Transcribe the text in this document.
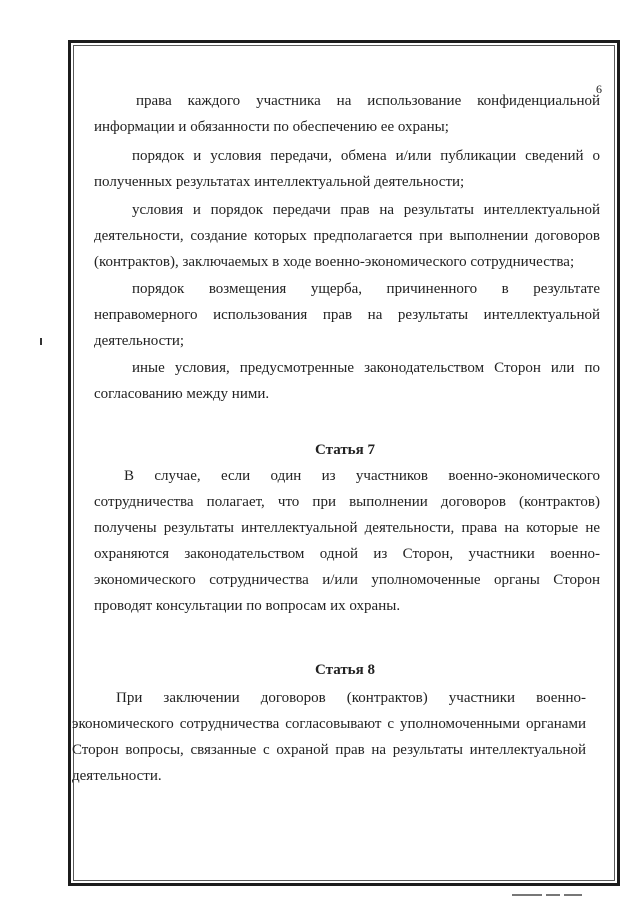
6

права каждого участника на использование конфиденциальной информации и обязанности по обеспечению ее охраны;

порядок и условия передачи, обмена и/или публикации сведений о полученных результатах интеллектуальной деятельности;

условия и порядок передачи прав на результаты интеллектуальной деятельности, создание которых предполагается при выполнении договоров (контрактов), заключаемых в ходе военно-экономического сотрудничества;

порядок возмещения ущерба, причиненного в результате неправомерного использования прав на результаты интеллектуальной деятельности;

иные условия, предусмотренные законодательством Сторон или по согласованию между ними.

Статья 7

В случае, если один из участников военно-экономического сотрудничества полагает, что при выполнении договоров (контрактов) получены результаты интеллектуальной деятельности, права на которые не охраняются законодательством одной из Сторон, участники военно-экономического сотрудничества и/или уполномоченные органы Сторон проводят консультации по вопросам их охраны.

Статья 8

При заключении договоров (контрактов) участники военно-экономического сотрудничества согласовывают с уполномоченными органами Сторон вопросы, связанные с охраной прав на результаты интеллектуальной деятельности.
